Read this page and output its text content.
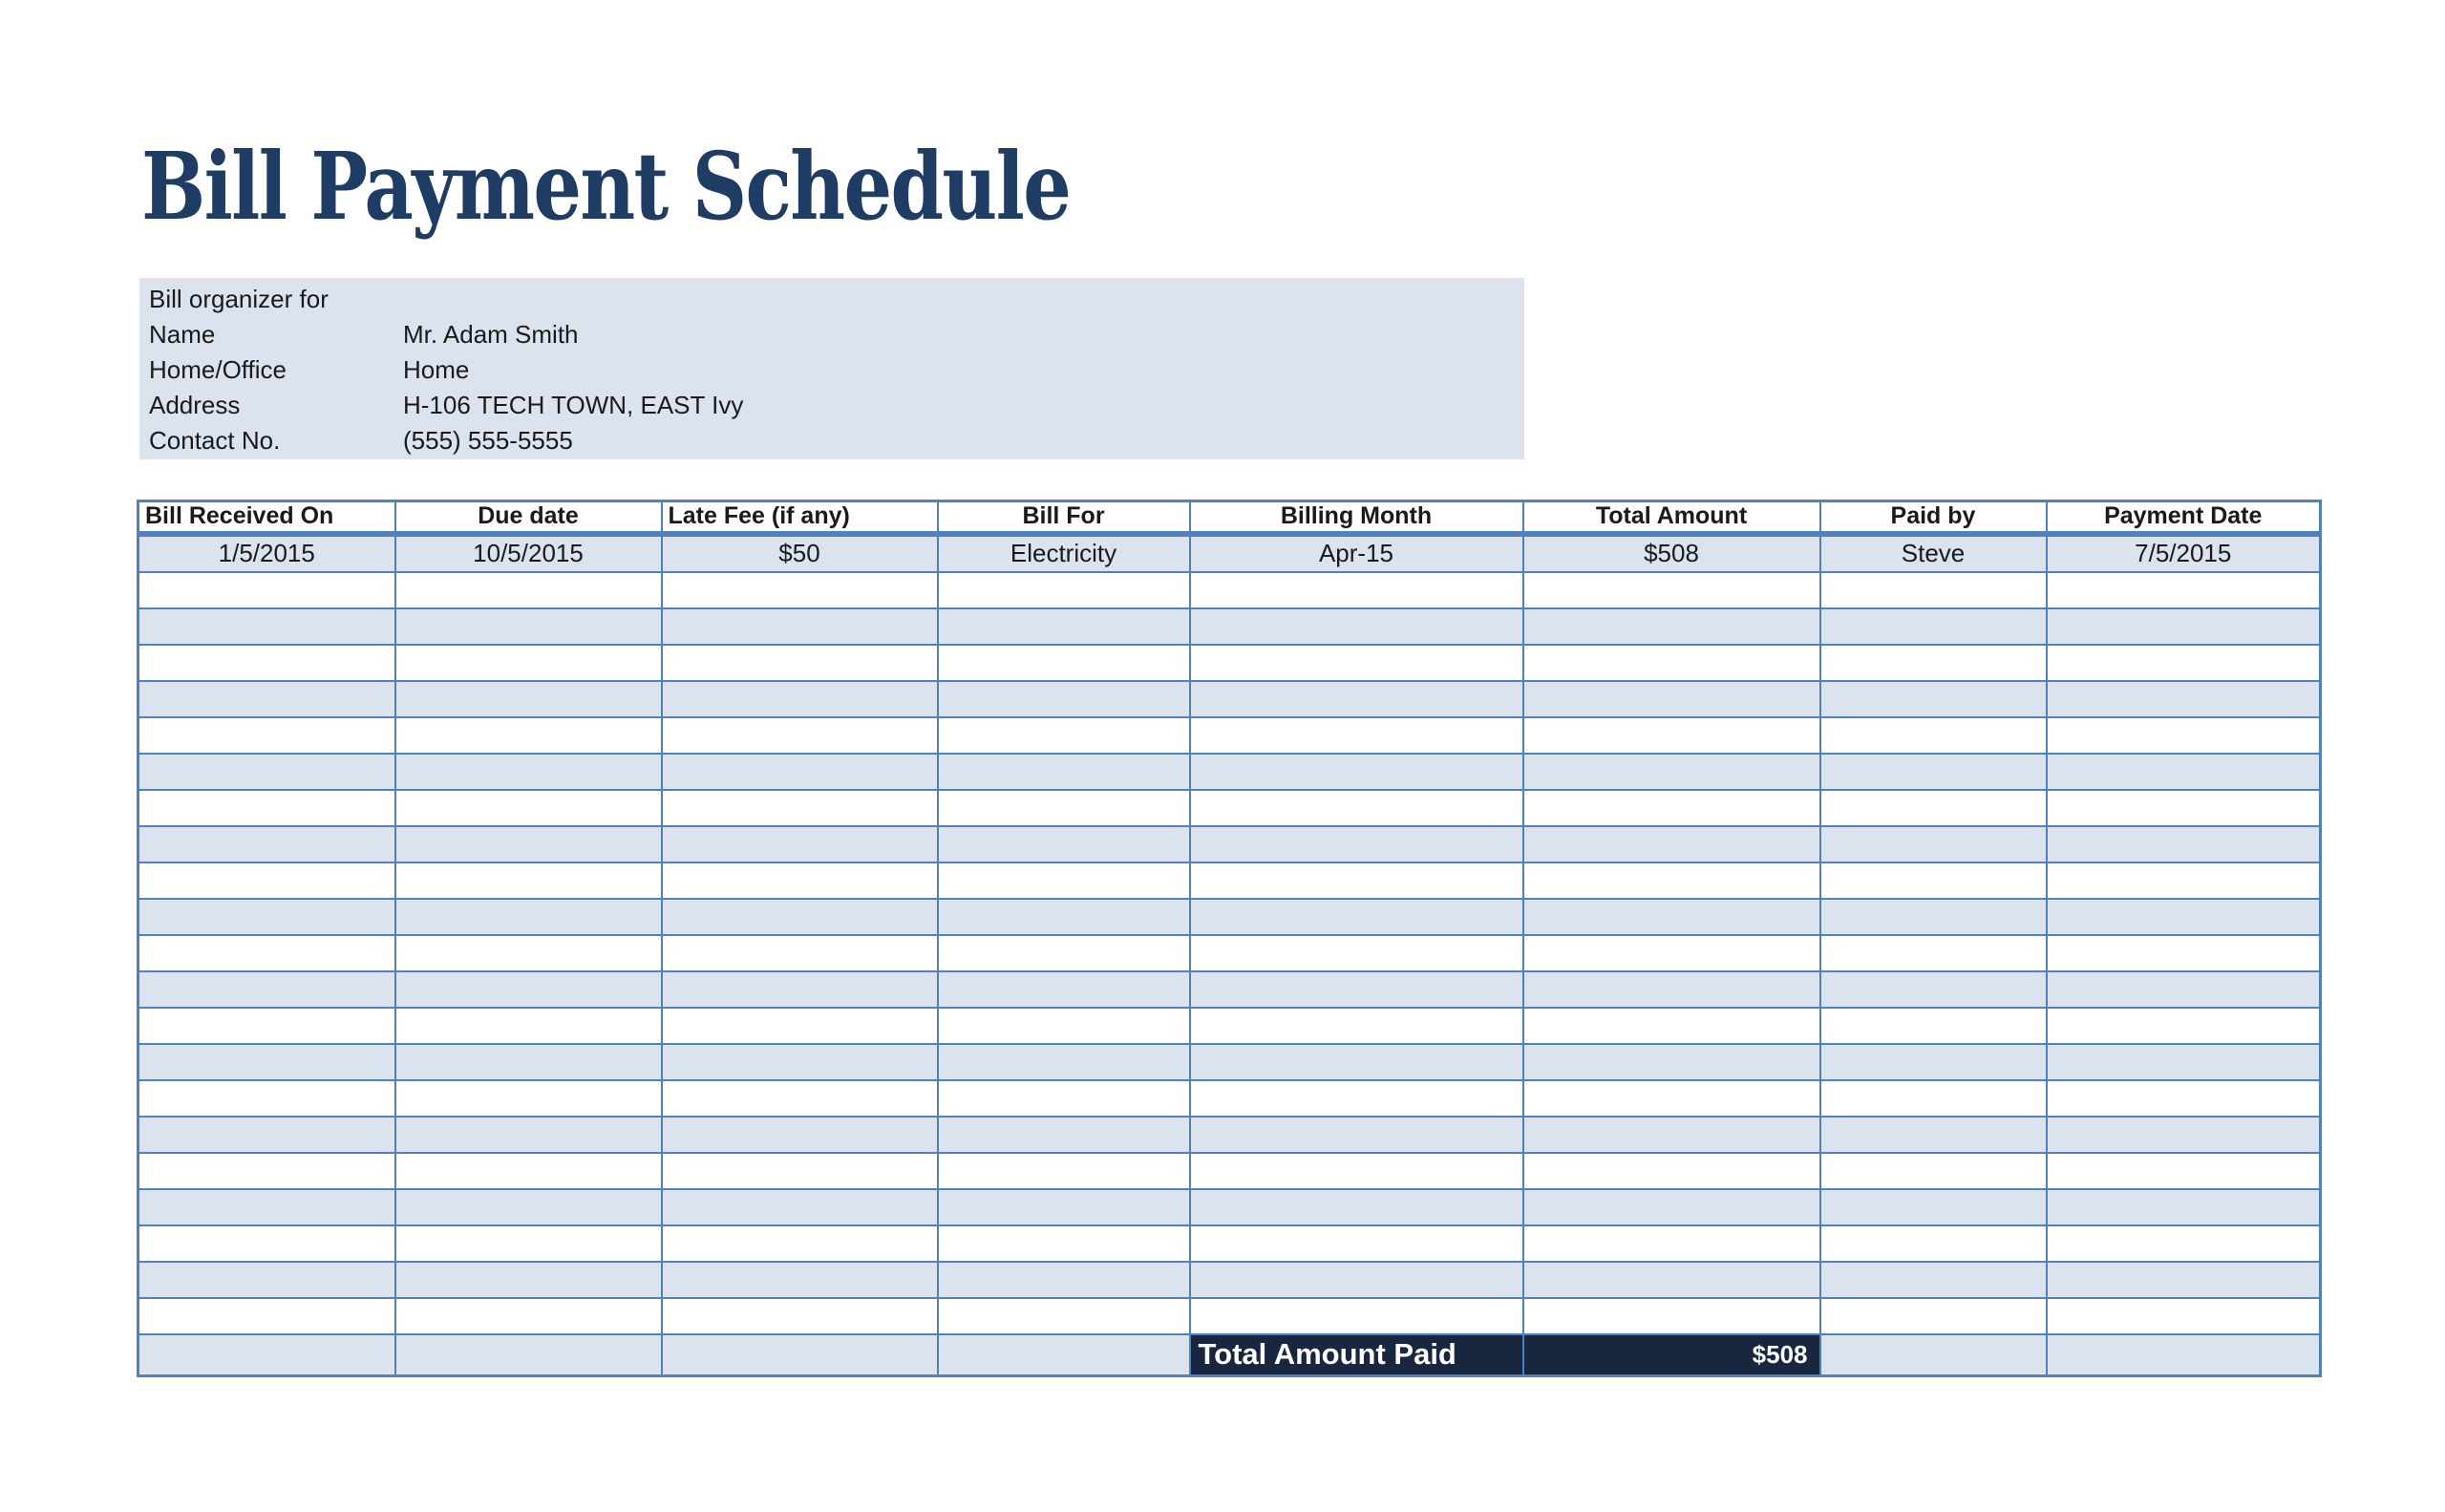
Bill Payment Schedule
Bill organizer for
Name	Mr. Adam Smith
Home/Office	Home
Address	H-106 TECH TOWN, EAST Ivy
Contact No.	(555) 555-5555
Bill Received On	Due date	Late Fee (if any)	Bill For	Billing Month	Total Amount	Paid by	Payment Date
1/5/2015	10/5/2015	$50	Electricity	Apr-15	$508	Steve	7/5/2015

				Total Amount Paid	$508		
